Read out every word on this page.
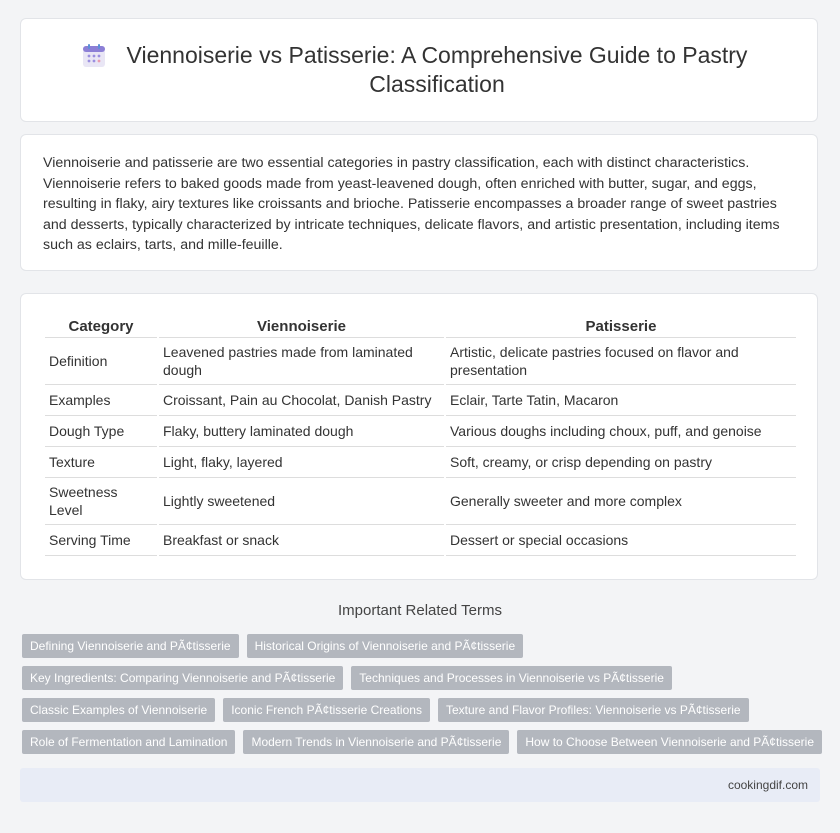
Viennoiserie vs Patisserie: A Comprehensive Guide to Pastry Classification

Viennoiserie and patisserie are two essential categories in pastry classification, each with distinct characteristics. Viennoiserie refers to baked goods made from yeast-leavened dough, often enriched with butter, sugar, and eggs, resulting in flaky, airy textures like croissants and brioche. Patisserie encompasses a broader range of sweet pastries and desserts, typically characterized by intricate techniques, delicate flavors, and artistic presentation, including items such as eclairs, tarts, and mille-feuille.

Category	Viennoiserie	Patisserie
Definition	Leavened pastries made from laminated dough	Artistic, delicate pastries focused on flavor and presentation
Examples	Croissant, Pain au Chocolat, Danish Pastry	Eclair, Tarte Tatin, Macaron
Dough Type	Flaky, buttery laminated dough	Various doughs including choux, puff, and genoise
Texture	Light, flaky, layered	Soft, creamy, or crisp depending on pastry
Sweetness Level	Lightly sweetened	Generally sweeter and more complex
Serving Time	Breakfast or snack	Dessert or special occasions
Important Related Terms
Defining Viennoiserie and PÃ¢tisserie	Historical Origins of Viennoiserie and PÃ¢tisserie
Key Ingredients: Comparing Viennoiserie and PÃ¢tisserie	Techniques and Processes in Viennoiserie vs PÃ¢tisserie
Classic Examples of Viennoiserie	Iconic French PÃ¢tisserie Creations	Texture and Flavor Profiles: Viennoiserie vs PÃ¢tisserie
Role of Fermentation and Lamination	Modern Trends in Viennoiserie and PÃ¢tisserie	How to Choose Between Viennoiserie and PÃ¢tisserie
cookingdif.com
